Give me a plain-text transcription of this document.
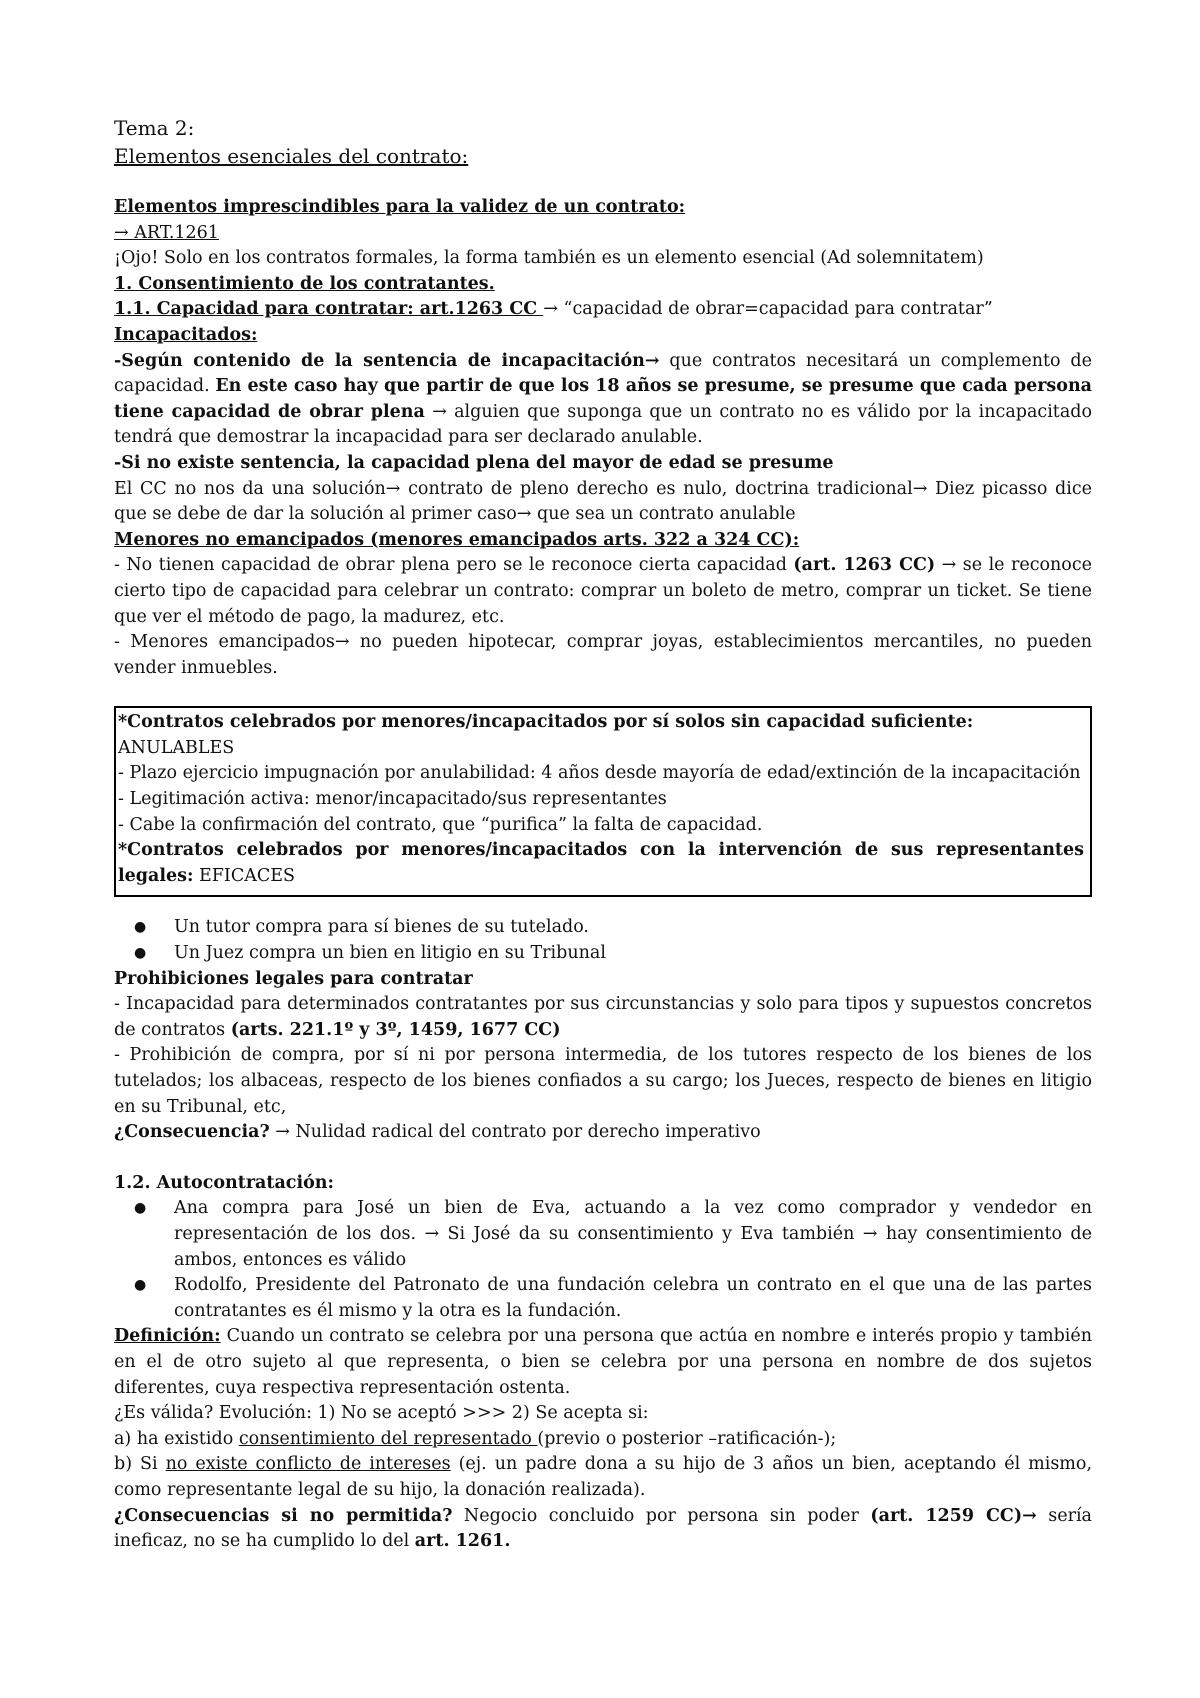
Tema 2:

Elementos esenciales del contrato:

Elementos imprescindibles para la validez de un contrato:

→ ART.1261

¡Ojo! Solo en los contratos formales, la forma también es un elemento esencial (Ad solemnitatem)

1. Consentimiento de los contratantes.

1.1. Capacidad para contratar: art.1263 CC → “capacidad de obrar=capacidad para contratar”

Incapacitados:

-Según contenido de la sentencia de incapacitación→ que contratos necesitará un complemento de capacidad. En este caso hay que partir de que los 18 años se presume, se presume que cada persona tiene capacidad de obrar plena → alguien que suponga que un contrato no es válido por la incapacitado tendrá que demostrar la incapacidad para ser declarado anulable.

-Si no existe sentencia, la capacidad plena del mayor de edad se presume

El CC no nos da una solución→ contrato de pleno derecho es nulo, doctrina tradicional→ Diez picasso dice que se debe de dar la solución al primer caso→ que sea un contrato anulable

Menores no emancipados (menores emancipados arts. 322 a 324 CC):

- No tienen capacidad de obrar plena pero se le reconoce cierta capacidad (art. 1263 CC) → se le reconoce cierto tipo de capacidad para celebrar un contrato: comprar un boleto de metro, comprar un ticket. Se tiene que ver el método de pago, la madurez, etc.

- Menores emancipados→ no pueden hipotecar, comprar joyas, establecimientos mercantiles, no pueden vender inmuebles.

*Contratos celebrados por menores/incapacitados por sí solos sin capacidad suficiente: ANULABLES

- Plazo ejercicio impugnación por anulabilidad: 4 años desde mayoría de edad/extinción de la incapacitación

- Legitimación activa: menor/incapacitado/sus representantes

- Cabe la confirmación del contrato, que “purifica” la falta de capacidad.

*Contratos celebrados por menores/incapacitados con la intervención de sus representantes legales: EFICACES

● Un tutor compra para sí bienes de su tutelado.
● Un Juez compra un bien en litigio en su Tribunal

Prohibiciones legales para contratar

- Incapacidad para determinados contratantes por sus circunstancias y solo para tipos y supuestos concretos de contratos (arts. 221.1º y 3º, 1459, 1677 CC)

- Prohibición de compra, por sí ni por persona intermedia, de los tutores respecto de los bienes de los tutelados; los albaceas, respecto de los bienes confiados a su cargo; los Jueces, respecto de bienes en litigio en su Tribunal, etc,

¿Consecuencia? → Nulidad radical del contrato por derecho imperativo

1.2. Autocontratación:

● Ana compra para José un bien de Eva, actuando a la vez como comprador y vendedor en representación de los dos. → Si José da su consentimiento y Eva también → hay consentimiento de ambos, entonces es válido
● Rodolfo, Presidente del Patronato de una fundación celebra un contrato en el que una de las partes contratantes es él mismo y la otra es la fundación.

Definición: Cuando un contrato se celebra por una persona que actúa en nombre e interés propio y también en el de otro sujeto al que representa, o bien se celebra por una persona en nombre de dos sujetos diferentes, cuya respectiva representación ostenta.

¿Es válida? Evolución: 1) No se aceptó >>> 2) Se acepta si:

a) ha existido consentimiento del representado (previo o posterior –ratificación-);

b) Si no existe conflicto de intereses (ej. un padre dona a su hijo de 3 años un bien, aceptando él mismo, como representante legal de su hijo, la donación realizada).

¿Consecuencias si no permitida? Negocio concluido por persona sin poder (art. 1259 CC)→ sería ineficaz, no se ha cumplido lo del art. 1261.
